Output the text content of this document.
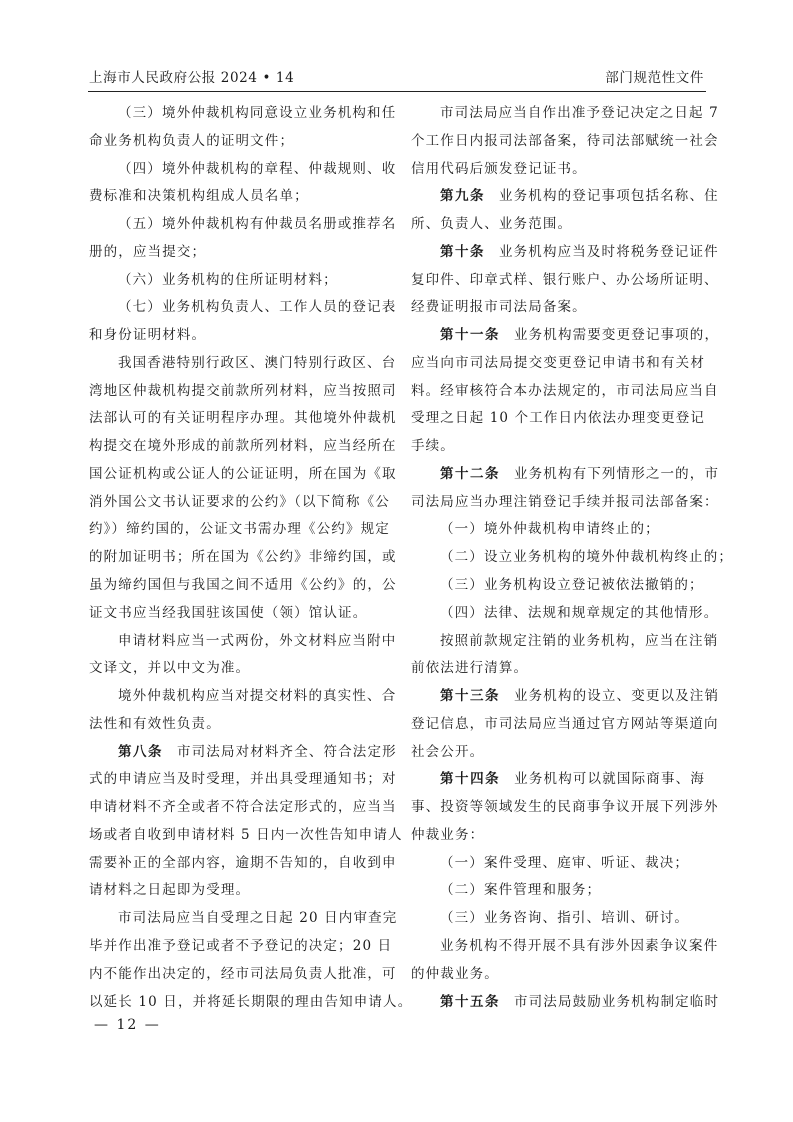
上海市人民政府公报 2024 • 14	部门规范性文件
（三）境外仲裁机构同意设立业务机构和任
命业务机构负责人的证明文件；
（四）境外仲裁机构的章程、仲裁规则、收
费标准和决策机构组成人员名单；
（五）境外仲裁机构有仲裁员名册或推荐名
册的，应当提交；
（六）业务机构的住所证明材料；
（七）业务机构负责人、工作人员的登记表
和身份证明材料。
我国香港特别行政区、澳门特别行政区、台
湾地区仲裁机构提交前款所列材料，应当按照司
法部认可的有关证明程序办理。其他境外仲裁机
构提交在境外形成的前款所列材料，应当经所在
国公证机构或公证人的公证证明，所在国为《取
消外国公文书认证要求的公约》（以下简称《公
约》）缔约国的，公证文书需办理《公约》规定
的附加证明书；所在国为《公约》非缔约国，或
虽为缔约国但与我国之间不适用《公约》的，公
证文书应当经我国驻该国使（领）馆认证。
申请材料应当一式两份，外文材料应当附中
文译文，并以中文为准。
境外仲裁机构应当对提交材料的真实性、合
法性和有效性负责。
第八条 市司法局对材料齐全、符合法定形
式的申请应当及时受理，并出具受理通知书；对
申请材料不齐全或者不符合法定形式的，应当当
场或者自收到申请材料 5 日内一次性告知申请人
需要补正的全部内容，逾期不告知的，自收到申
请材料之日起即为受理。
市司法局应当自受理之日起 20 日内审查完
毕并作出准予登记或者不予登记的决定；20 日
内不能作出决定的，经市司法局负责人批准，可
以延长 10 日，并将延长期限的理由告知申请人。
市司法局应当自作出准予登记决定之日起 7
个工作日内报司法部备案，待司法部赋统一社会
信用代码后颁发登记证书。
第九条 业务机构的登记事项包括名称、住
所、负责人、业务范围。
第十条 业务机构应当及时将税务登记证件
复印件、印章式样、银行账户、办公场所证明、
经费证明报市司法局备案。
第十一条 业务机构需要变更登记事项的，
应当向市司法局提交变更登记申请书和有关材
料。经审核符合本办法规定的，市司法局应当自
受理之日起 10 个工作日内依法办理变更登记
手续。
第十二条 业务机构有下列情形之一的，市
司法局应当办理注销登记手续并报司法部备案：
（一）境外仲裁机构申请终止的；
（二）设立业务机构的境外仲裁机构终止的；
（三）业务机构设立登记被依法撤销的；
（四）法律、法规和规章规定的其他情形。
按照前款规定注销的业务机构，应当在注销
前依法进行清算。
第十三条 业务机构的设立、变更以及注销
登记信息，市司法局应当通过官方网站等渠道向
社会公开。
第十四条 业务机构可以就国际商事、海
事、投资等领域发生的民商事争议开展下列涉外
仲裁业务：
（一）案件受理、庭审、听证、裁决；
（二）案件管理和服务；
（三）业务咨询、指引、培训、研讨。
业务机构不得开展不具有涉外因素争议案件
的仲裁业务。
第十五条 市司法局鼓励业务机构制定临时
— 12 —
